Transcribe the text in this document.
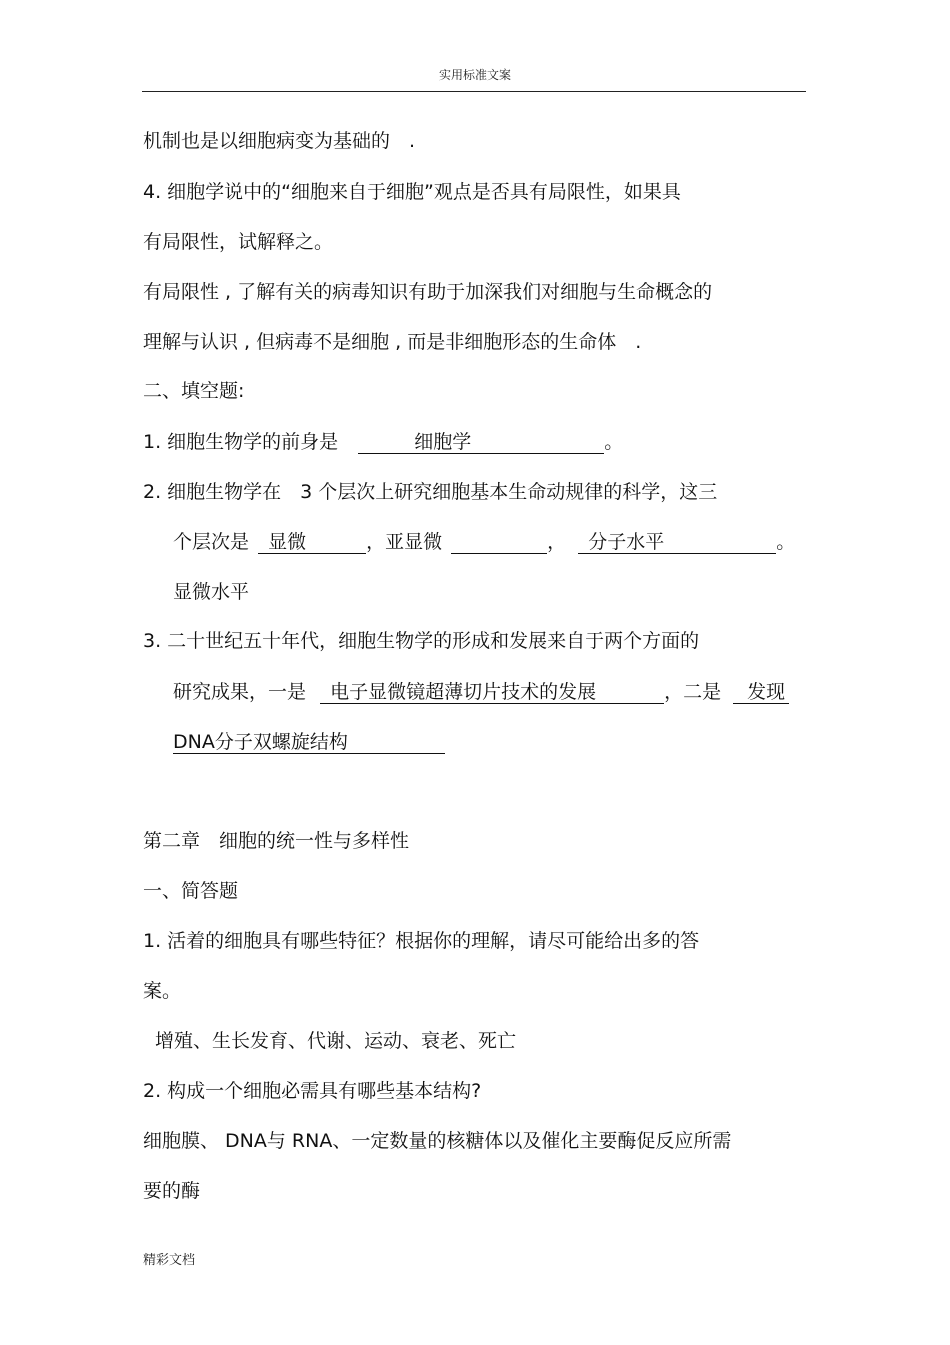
实用标准文案
机制也是以细胞病变为基础的　.
4. 细胞学说中的“细胞来自于细胞”观点是否具有局限性，如果具
有局限性，试解释之。
有局限性 , 了解有关的病毒知识有助于加深我们对细胞与生命概念的
理解与认识 , 但病毒不是细胞 , 而是非细胞形态的生命体　.
二、填空题:
1. 细胞生物学的前身是	细胞学	。
2. 细胞生物学在　3 个层次上研究细胞基本生命动规律的科学，这三
个层次是 显微	，亚显微	， 分子水平	。
显微水平
3. 二十世纪五十年代，细胞生物学的形成和发展来自于两个方面的
研究成果，一是 电子显微镜超薄切片技术的发展	，二是 发现
DNA分子双螺旋结构
第二章　细胞的统一性与多样性
一、简答题
1. 活着的细胞具有哪些特征？根据你的理解，请尽可能给出多的答
案。
增殖、生长发育、代谢、运动、衰老、死亡
2. 构成一个细胞必需具有哪些基本结构?
细胞膜、 DNA与 RNA、一定数量的核糖体以及催化主要酶促反应所需
要的酶
精彩文档
